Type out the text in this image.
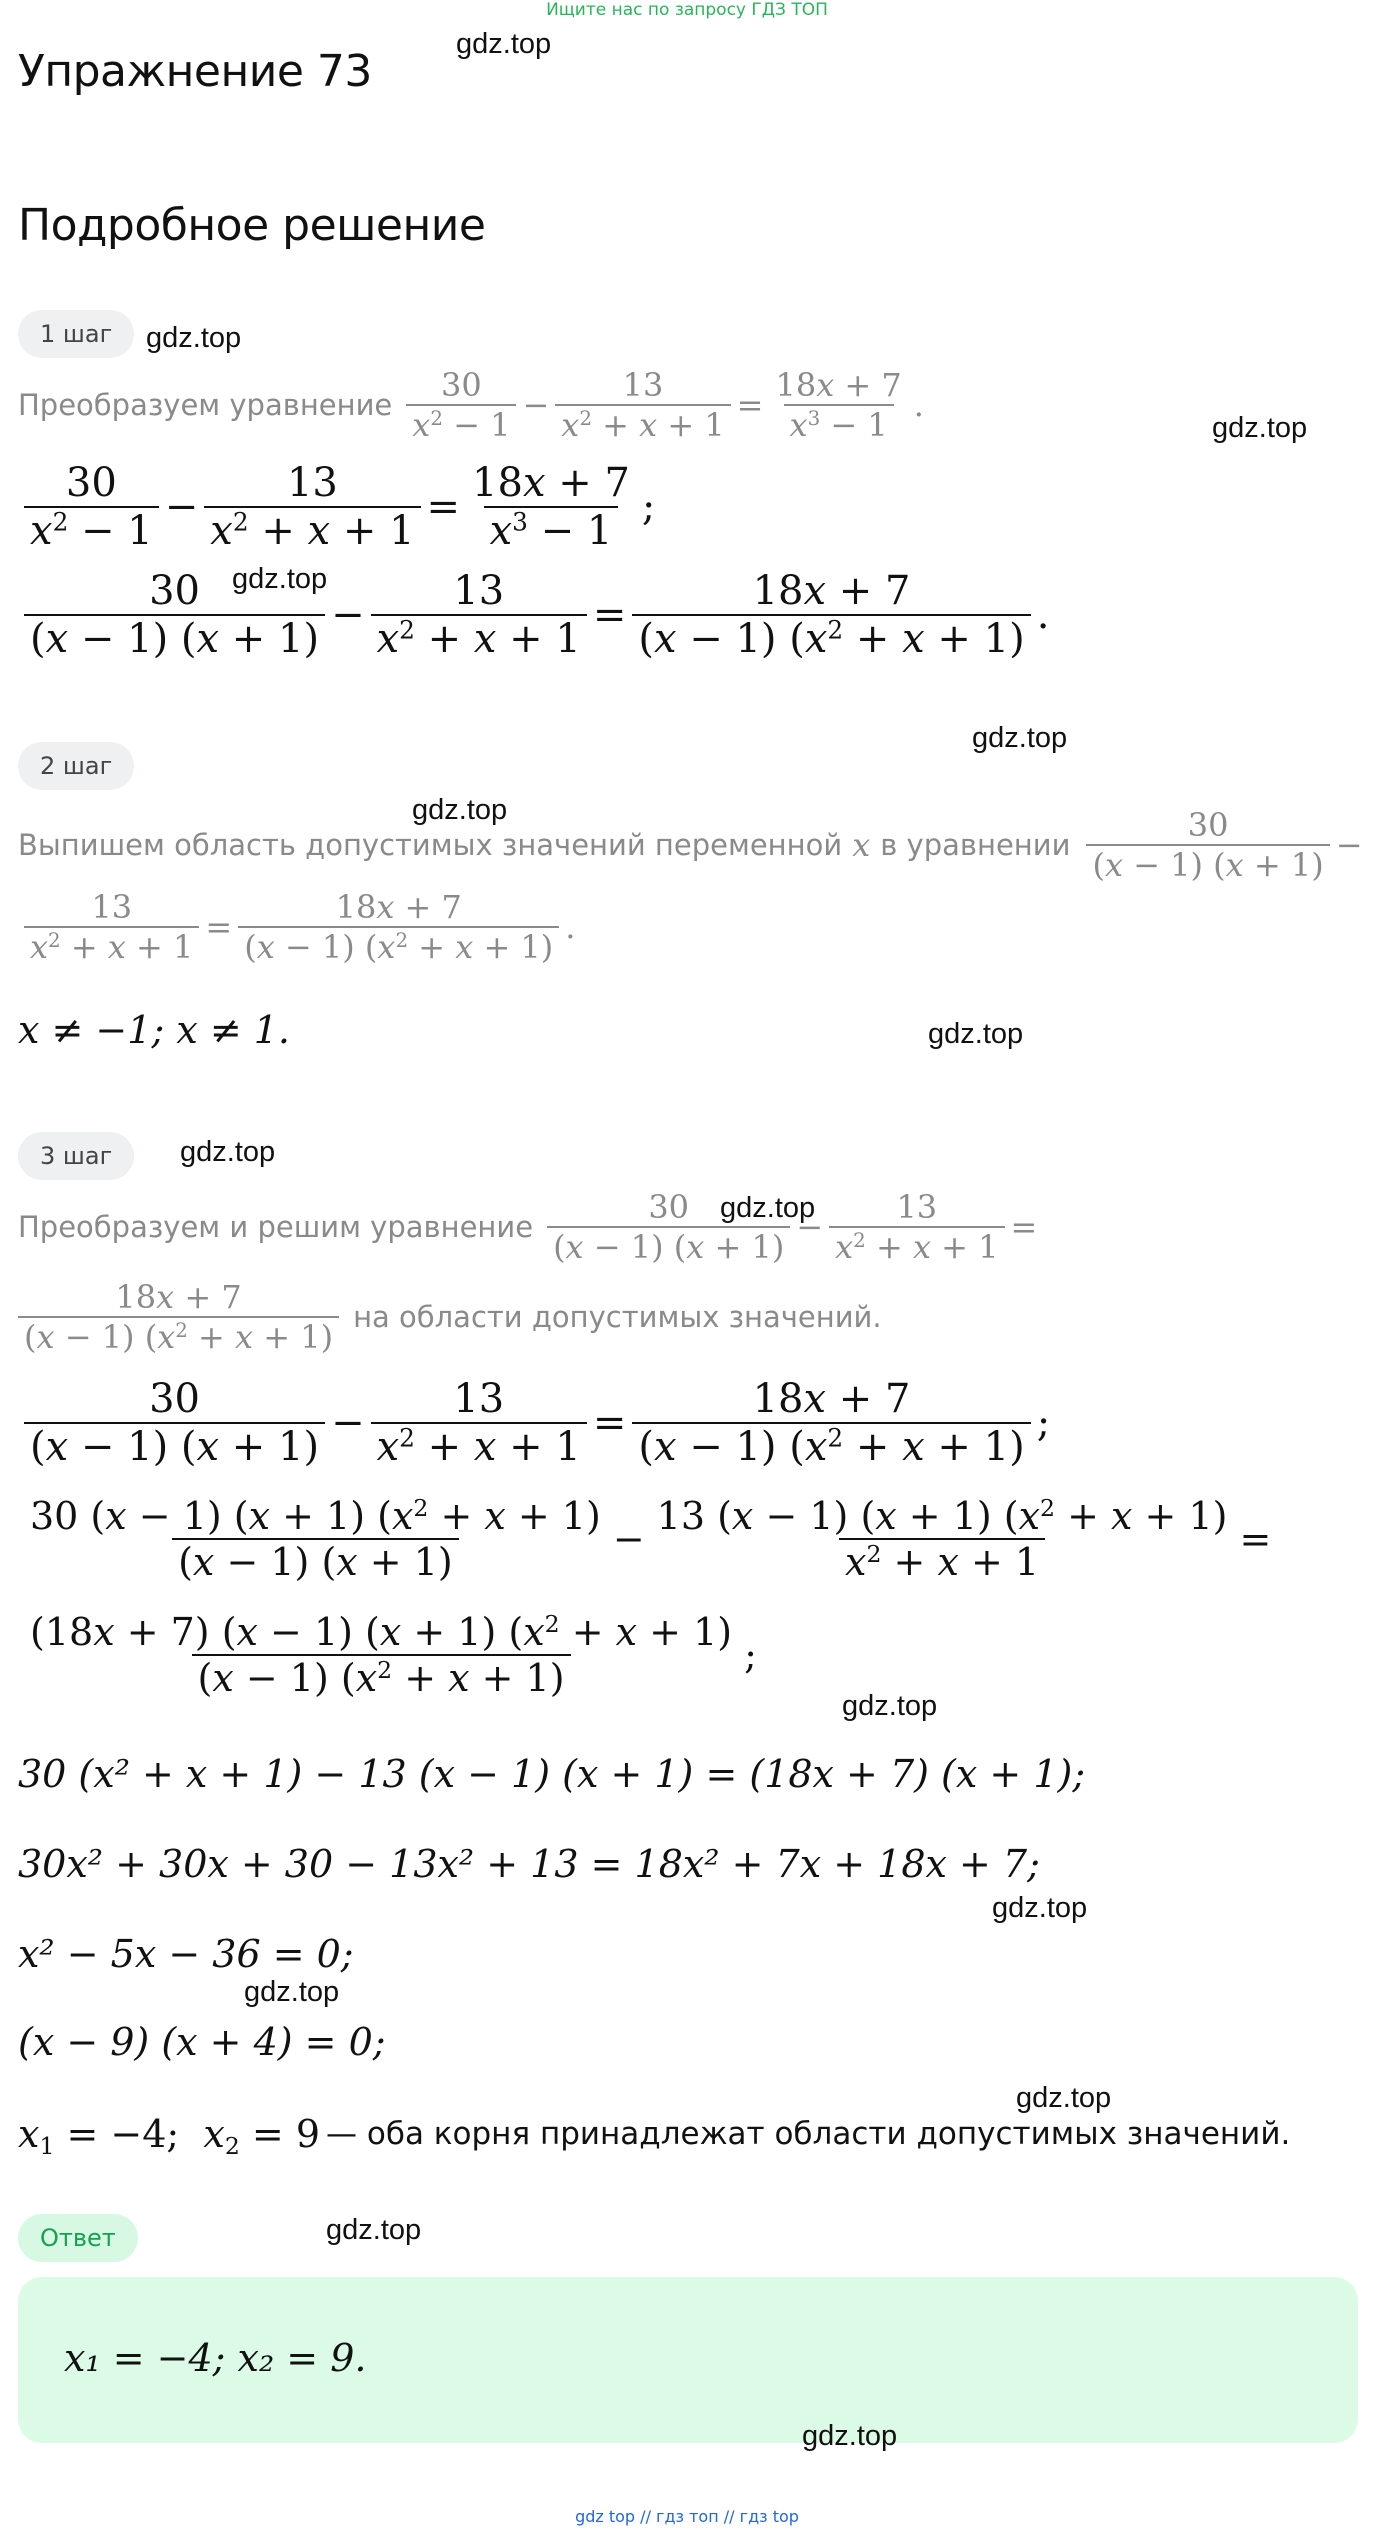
Ищите нас по запросу ГДЗ ТОП
Упражнение 73
gdz.top
Подробное решение
1 шаг	gdz.top
gdz.top
Преобразуем уравнение $\frac{30}{x^2 - 1} - \frac{13}{x^2 + x + 1} = \frac{18x + 7}{x^3 - 1}$ .
$\frac{30}{x^2 - 1} - \frac{13}{x^2 + x + 1} = \frac{18x + 7}{x^3 - 1}$ ;
gdz.top
$\frac{30}{(x - 1) (x + 1)} - \frac{13}{x^2 + x + 1} = \frac{18x + 7}{(x - 1) (x^2 + x + 1)}$ .
gdz.top
2 шаг
gdz.top
Выпишем область допустимых значений переменной x в уравнении $\frac{30}{(x - 1) (x + 1)}$ −
$\frac{13}{x^2 + x + 1} = \frac{18x + 7}{(x - 1) (x^2 + x + 1)}$ .
x ≠ −1; x ≠ 1.	gdz.top
3 шаг	gdz.top
gdz.top
Преобразуем и решим уравнение $\frac{30}{(x - 1) (x + 1)} - \frac{13}{x^2 + x + 1}$ =
$\frac{18x + 7}{(x - 1) (x^2 + x + 1)}$ на области допустимых значений.
$\frac{30}{(x - 1) (x + 1)} - \frac{13}{x^2 + x + 1} = \frac{18x + 7}{(x - 1) (x^2 + x + 1)}$ ;
$\frac{30 (x - 1) (x + 1) (x^2 + x + 1)}{(x - 1) (x + 1)} - \frac{13 (x - 1) (x + 1) (x^2 + x + 1)}{x^2 + x + 1}$ =
$\frac{(18x + 7) (x - 1) (x + 1) (x^2 + x + 1)}{(x - 1) (x^2 + x + 1)}$ ;
gdz.top
30 (x² + x + 1) − 13 (x − 1) (x + 1) = (18x + 7) (x + 1);
30x² + 30x + 30 − 13x² + 13 = 18x² + 7x + 18x + 7;
gdz.top
x² − 5x − 36 = 0;
gdz.top
(x − 9) (x + 4) = 0;
gdz.top
$x_1 = -4$;  $x_2 = 9$ — оба корня принадлежат области допустимых значений.
Ответ	gdz.top
x₁ = −4; x₂ = 9.
gdz.top
gdz top // гдз топ // гдз top
